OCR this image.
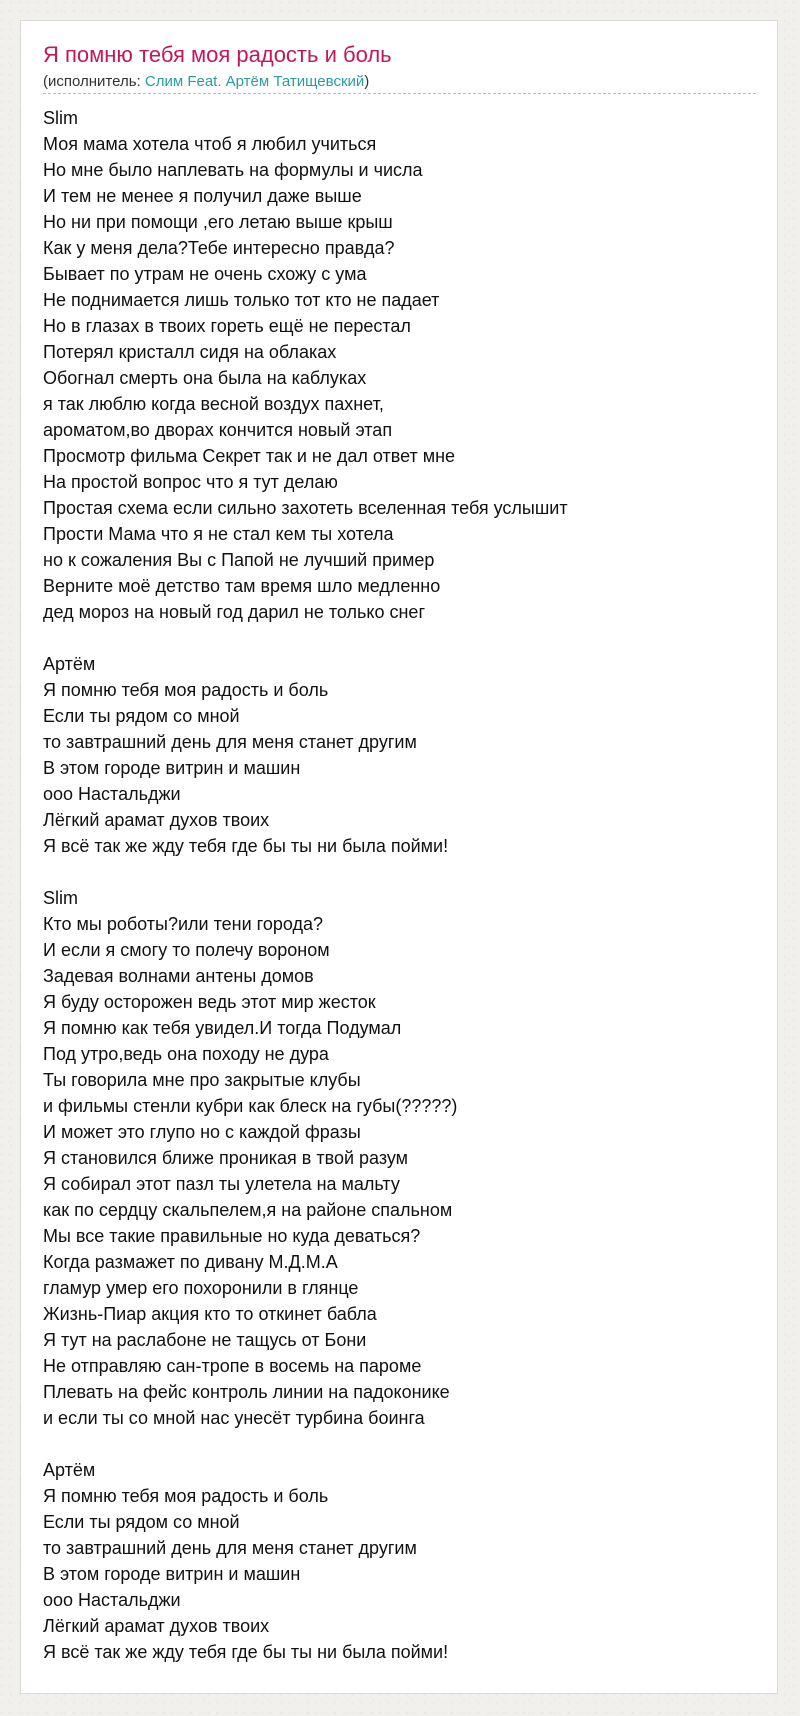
Я помню тебя моя радость и боль
(исполнитель: Слим Feat. Артём Татищевский)
Slim
Моя мама хотела чтоб я любил учиться
Но мне было наплевать на формулы и числа
И тем не менее я получил даже выше
Но ни при помощи ,его летаю выше крыш
Как у меня дела?Тебе интересно правда?
Бывает по утрам не очень схожу с ума
Не поднимается лишь только тот кто не падает
Но в глазах в твоих гореть ещё не перестал
Потерял кристалл сидя на облаках
Обогнал смерть она была на каблуках
я так люблю когда весной воздух пахнет,
ароматом,во дворах кончится новый этап
Просмотр фильма Секрет так и не дал ответ мне
На простой вопрос что я тут делаю
Простая схема если сильно захотеть вселенная тебя услышит
Прости Мама что я не стал кем ты хотела
но к сожаления Вы с Папой не лучший пример
Верните моё детство там время шло медленно
дед мороз на новый год дарил не только снег
Артём
Я помню тебя моя радость и боль
Если ты рядом со мной
то завтрашний день для меня станет другим
В этом городе витрин и машин
ооо Настальджи
Лёгкий арамат духов твоих
Я всё так же жду тебя где бы ты ни была пойми!
Slim
Кто мы роботы?или тени города?
И если я смогу то полечу вороном
Задевая волнами антены домов
Я буду осторожен ведь этот мир жесток
Я помню как тебя увидел.И тогда Подумал
Под утро,ведь она походу не дура
Ты говорила мне про закрытые клубы
и фильмы стенли кубри как блеск на губы(?????)
И может это глупо но с каждой фразы
Я становился ближе проникая в твой разум
Я собирал этот пазл ты улетела на мальту
как по сердцу скальпелем,я на районе спальном
Мы все такие правильные но куда деваться?
Когда размажет по дивану М.Д.М.А
гламур умер его похоронили в глянце
Жизнь-Пиар акция кто то откинет бабла
Я тут на раслабоне не тащусь от Бони
Не отправляю сан-тропе в восемь на пароме
Плевать на фейс контроль линии на падоконике
и если ты со мной нас унесёт турбина боинга
Артём
Я помню тебя моя радость и боль
Если ты рядом со мной
то завтрашний день для меня станет другим
В этом городе витрин и машин
ооо Настальджи
Лёгкий арамат духов твоих
Я всё так же жду тебя где бы ты ни была пойми!
